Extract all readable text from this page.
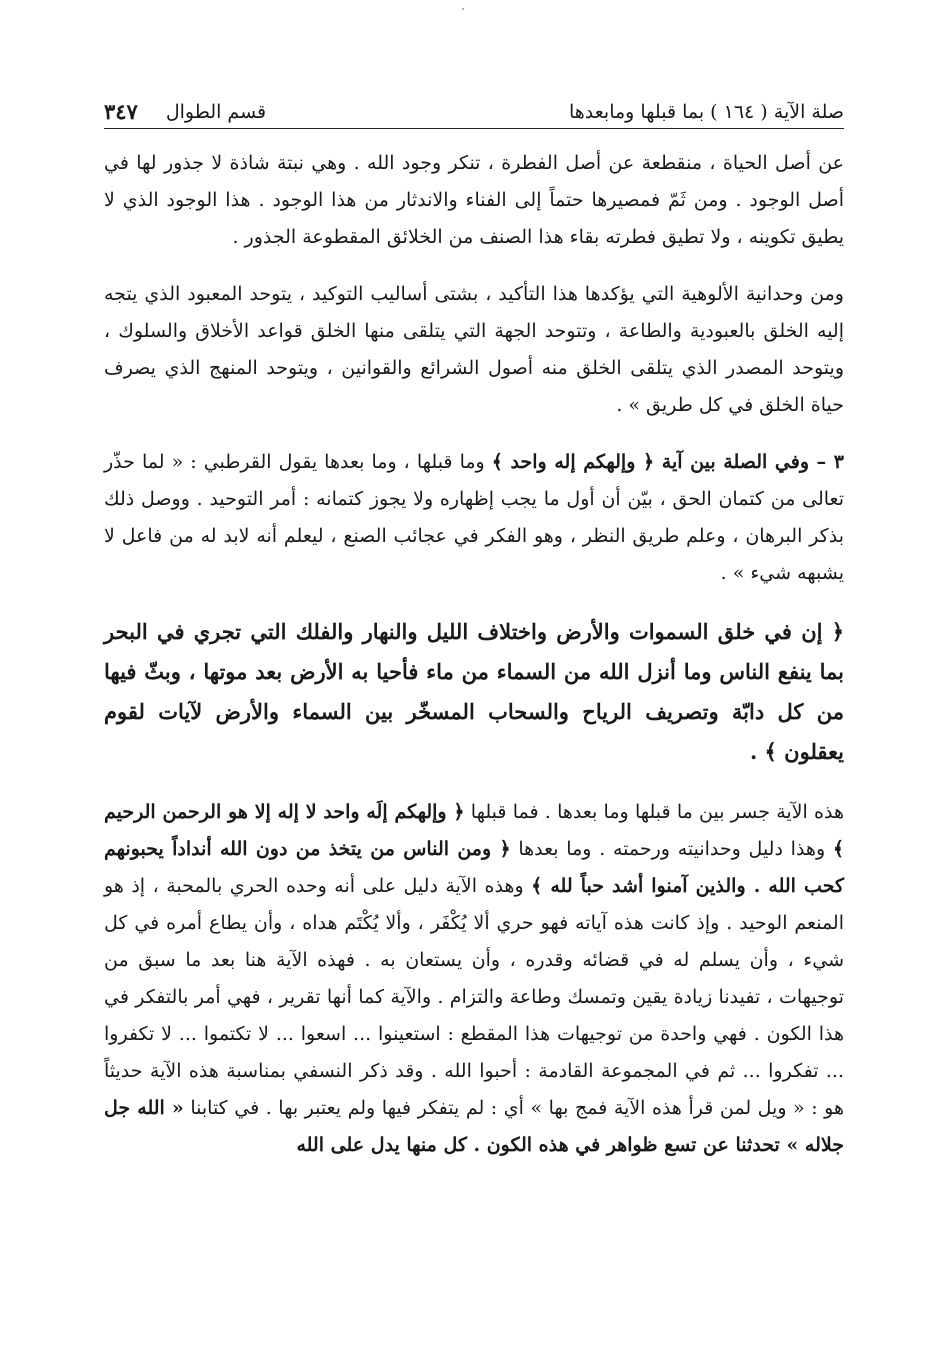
صلة الآية ( ١٦٤ ) بما قبلها ومابعدها
قسم الطوال
٣٤٧

عن أصل الحياة ، منقطعة عن أصل الفطرة ، تنكر وجود الله . وهي نبتة شاذة لا جذور لها في أصل الوجود . ومن ثَمّ فمصيرها حتماً إلى الفناء والاندثار من هذا الوجود . هذا الوجود الذي لا يطيق تكوينه ، ولا تطيق فطرته بقاء هذا الصنف من الخلائق المقطوعة الجذور .

ومن وحدانية الألوهية التي يؤكدها هذا التأكيد ، بشتى أساليب التوكيد ، يتوحد المعبود الذي يتجه إليه الخلق بالعبودية والطاعة ، وتتوحد الجهة التي يتلقى منها الخلق قواعد الأخلاق والسلوك ، ويتوحد المصدر الذي يتلقى الخلق منه أصول الشرائع والقوانين ، ويتوحد المنهج الذي يصرف حياة الخلق في كل طريق » .

٣ – وفي الصلة بين آية ﴿ وإلهكم إله واحد ﴾ وما قبلها ، وما بعدها يقول القرطبي : « لما حذّر تعالى من كتمان الحق ، بيّن أن أول ما يجب إظهاره ولا يجوز كتمانه : أمر التوحيد . ووصل ذلك بذكر البرهان ، وعلم طريق النظر ، وهو الفكر في عجائب الصنع ، ليعلم أنه لابد له من فاعل لا يشبهه شيء » .

﴿ إن في خلق السموات والأرض واختلاف الليل والنهار والفلك التي تجري في البحر بما ينفع الناس وما أنزل الله من السماء من ماء فأحيا به الأرض بعد موتها ، وبثّ فيها من كل دابّة وتصريف الرياح والسحاب المسخّر بين السماء والأرض لآيات لقوم يعقلون ﴾ .

هذه الآية جسر بين ما قبلها وما بعدها . فما قبلها ﴿ وإلهكم إلَه واحد لا إله إلا هو الرحمن الرحيم ﴾ وهذا دليل وحدانيته ورحمته . وما بعدها ﴿ ومن الناس من يتخذ من دون الله أنداداً يحبونهم كحب الله . والذين آمنوا أشد حباً لله ﴾ وهذه الآية دليل على أنه وحده الحري بالمحبة ، إذ هو المنعم الوحيد . وإذ كانت هذه آياته فهو حري ألا يُكْفَر ، وألا يُكْتَم هداه ، وأن يطاع أمره في كل شيء ، وأن يسلم له في قضائه وقدره ، وأن يستعان به . فهذه الآية هنا بعد ما سبق من توجيهات ، تفيدنا زيادة يقين وتمسك وطاعة والتزام . والآية كما أنها تقرير ، فهي أمر بالتفكر في هذا الكون . فهي واحدة من توجيهات هذا المقطع : استعينوا ... اسعوا ... لا تكتموا ... لا تكفروا ... تفكروا ... ثم في المجموعة القادمة : أحبوا الله . وقد ذكر النسفي بمناسبة هذه الآية حديثاً هو : « ويل لمن قرأ هذه الآية فمج بها » أي : لم يتفكر فيها ولم يعتبر بها . في كتابنا « الله جل جلاله » تحدثنا عن تسع ظواهر في هذه الكون . كل منها يدل على الله
